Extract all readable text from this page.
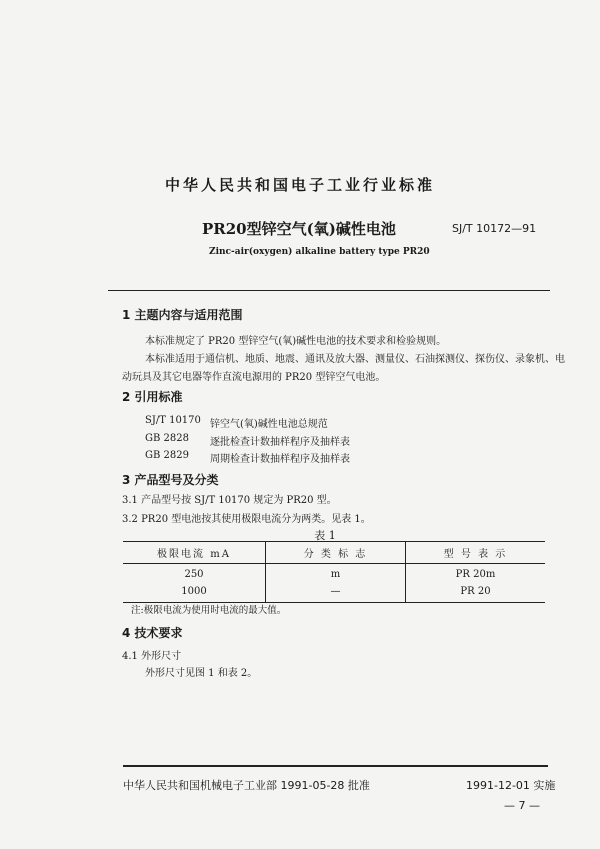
中华人民共和国电子工业行业标准
PR20型锌空气(氧)碱性电池	SJ/T 10172—91
Zinc-air(oxygen) alkaline battery type PR20
1 主题内容与适用范围
本标准规定了 PR20 型锌空气(氧)碱性电池的技术要求和检验规则。
本标准适用于通信机、地质、地震、通讯及放大器、测量仪、石油探测仪、探伤仪、录象机、电
动玩具及其它电器等作直流电源用的 PR20 型锌空气电池。
2 引用标准
SJ/T 10170 锌空气(氧)碱性电池总规范
GB 2828 逐批检查计数抽样程序及抽样表
GB 2829 周期检查计数抽样程序及抽样表
3 产品型号及分类
3.1 产品型号按 SJ/T 10170 规定为 PR20 型。
3.2 PR20 型电池按其使用极限电流分为两类。见表 1。
表 1
极限电流 mA	分 类 标 志	型 号 表 示
250	m	PR 20m
1000	—	PR 20
注:极限电流为使用时电流的最大值。
4 技术要求
4.1 外形尺寸
外形尺寸见图 1 和表 2。
中华人民共和国机械电子工业部 1991-05-28 批准	1991-12-01 实施
— 7 —
